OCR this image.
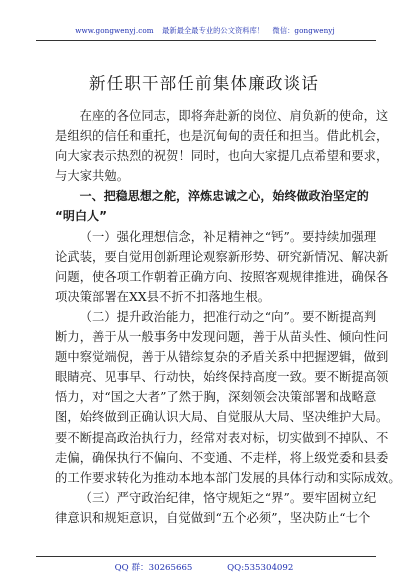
www.gongwenyj.com 最新最全最专业的公文资料库！ 微信：gongwenyj
新任职干部任前集体廉政谈话
在座的各位同志，即将奔赴新的岗位、肩负新的使命，这
是组织的信任和重托，也是沉甸甸的责任和担当。借此机会，
向大家表示热烈的祝贺！同时，也向大家提几点希望和要求，
与大家共勉。
一、把稳思想之舵，淬炼忠诚之心，始终做政治坚定的
“明白人”
（一）强化理想信念，补足精神之“钙”。要持续加强理
论武装，要自觉用创新理论观察新形势、研究新情况、解决新
问题，使各项工作朝着正确方向、按照客观规律推进，确保各
项决策部署在XX县不折不扣落地生根。
（二）提升政治能力，把准行动之“向”。要不断提高判
断力，善于从一般事务中发现问题，善于从苗头性、倾向性问
题中察觉端倪，善于从错综复杂的矛盾关系中把握逻辑，做到
眼睛亮、见事早、行动快，始终保持高度一致。要不断提高领
悟力，对“国之大者”了然于胸，深刻领会决策部署和战略意
图，始终做到正确认识大局、自觉服从大局、坚决维护大局。
要不断提高政治执行力，经常对表对标，切实做到不掉队、不
走偏，确保执行不偏向、不变通、不走样，将上级党委和县委
的工作要求转化为推动本地本部门发展的具体行动和实际成效。
（三）严守政治纪律，恪守规矩之“界”。要牢固树立纪
律意识和规矩意识，自觉做到“五个必须”，坚决防止“七个
QQ 群：30265665	QQ:535304092
